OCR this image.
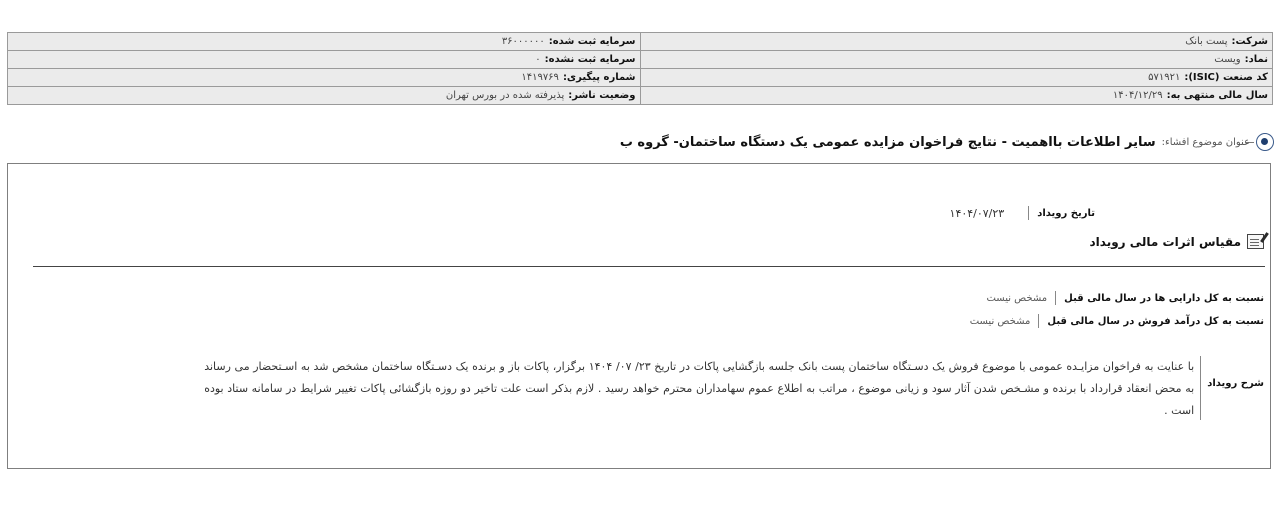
شرکت:پست بانک	سرمایه ثبت شده:۳۶۰۰۰۰۰۰
نماد:ویست	سرمایه ثبت نشده:۰
کد صنعت (ISIC):۵۷۱۹۲۱	شماره پیگیری:۱۴۱۹۷۶۹
سال مالی منتهی به:۱۴۰۴/۱۲/۲۹	وضعیت ناشر:پذیرفته شده در بورس تهران
عنوان موضوع افشاء:
سایر اطلاعات بااهمیت - نتایج فراخوان مزایده عمومی یک دستگاه ساختمان- گروه ب
تاریخ رویداد
۱۴۰۴/۰۷/۲۳
مقیاس اثرات مالی رویداد
نسبت به کل دارایی ها در سال مالی قبل
مشخص نیست
نسبت به کل درآمد فروش در سال مالی قبل
مشخص نیست
شرح رویداد
با عنایت به فراخوان مزایـده عمومی با موضوع فروش یک دسـتگاه ساختمان پست بانک جلسه بازگشایی پاکات در تاریخ ۲۳/ ۰۷/ ۱۴۰۴ برگزار، پاکات باز و برنده یک دسـتگاه ساختمان مشخص شد به اسـتحضار می رساند به محض انعقاد قرارداد با برنده و مشـخص شدن آثار سود و زیانی موضوع ، مراتب به اطلاع عموم سهامداران محترم خواهد رسید . لازم بذکر است علت تاخیر دو روزه بازگشائی پاکات تغییر شرایط در سامانه ستاد بوده است .
